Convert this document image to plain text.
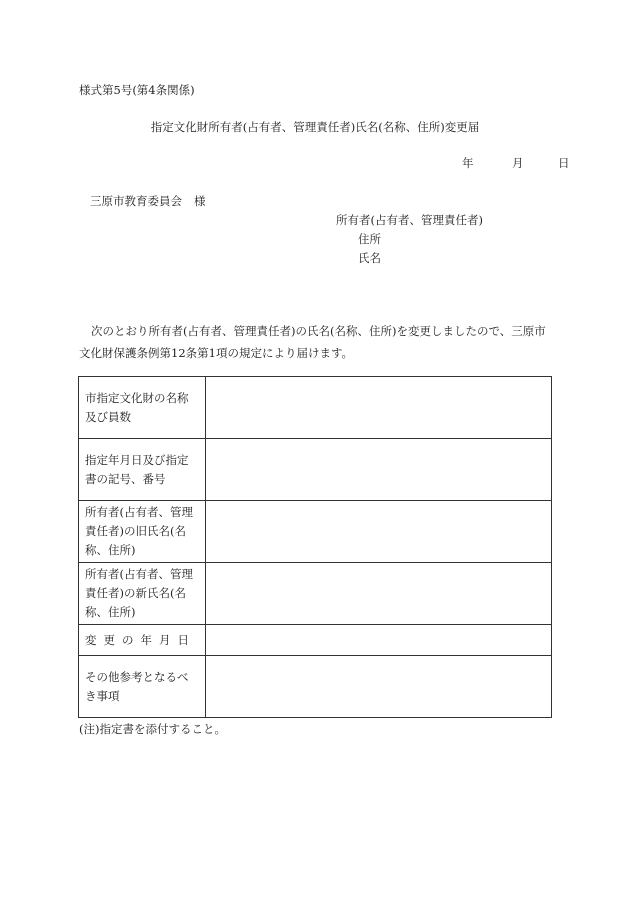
様式第5号(第4条関係)
指定文化財所有者(占有者、管理責任者)氏名(名称、住所)変更届
年	月	日
三原市教育委員会 様
所有者(占有者、管理責任者)
住所
氏名
次のとおり所有者(占有者、管理責任者)の氏名(名称、住所)を変更しましたので、三原市文化財保護条例第12条第1項の規定により届けます。
市指定文化財の名称及び員数	
指定年月日及び指定書の記号、番号	
所有者(占有者、管理責任者)の旧氏名(名称、住所)	
所有者(占有者、管理責任者)の新氏名(名称、住所)	
変更の年月日	
その他参考となるべき事項	
(注)指定書を添付すること。
